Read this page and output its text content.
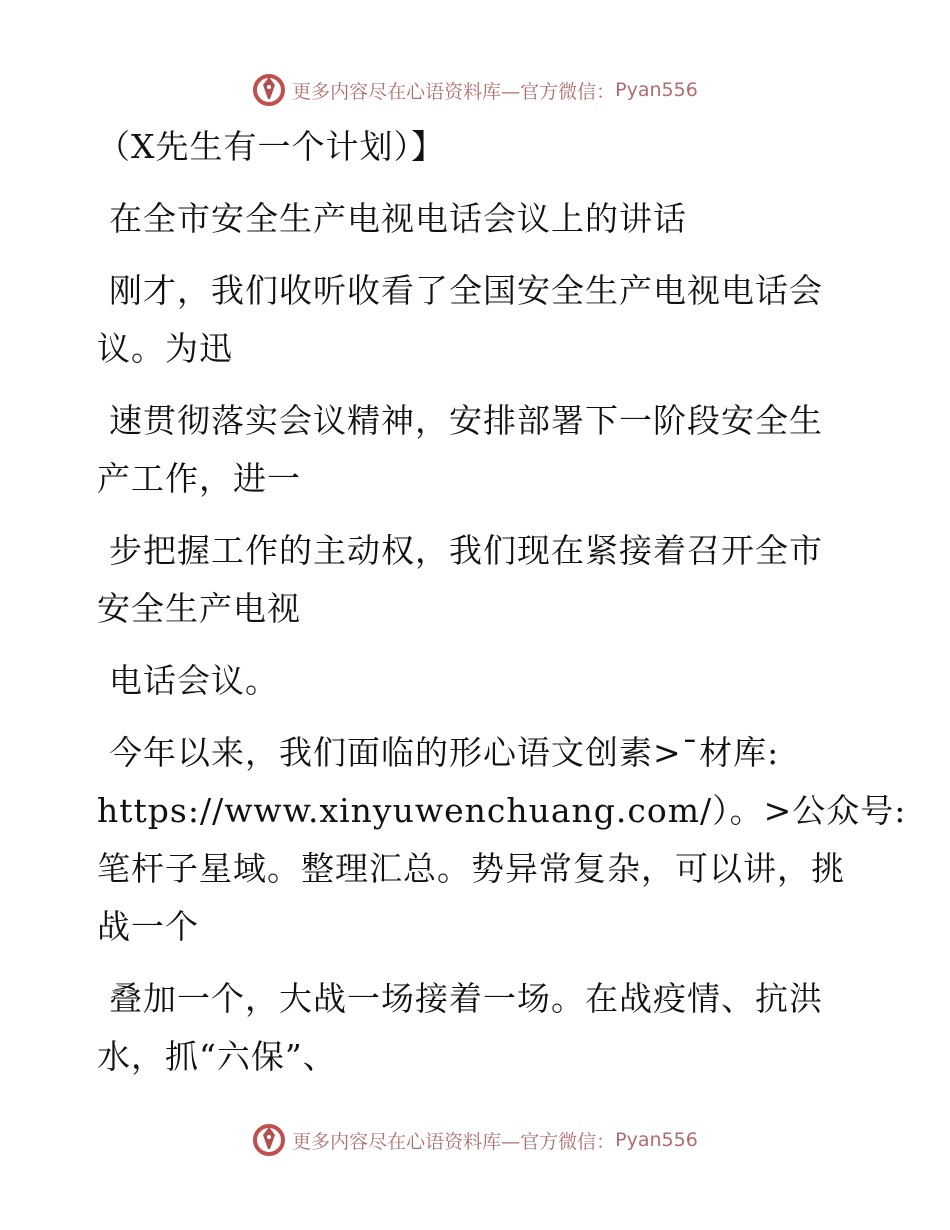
更多内容尽在心语资料库—官方微信： Pyan556

（X先生有一个计划）】

在全市安全生产电视电话会议上的讲话

刚才，我们收听收看了全国安全生产电视电话会
议。为迅

速贯彻落实会议精神，安排部署下一阶段安全生
产工作，进一

步把握工作的主动权，我们现在紧接着召开全市
安全生产电视

电话会议。

今年以来，我们面临的形心语文创素>¯材库:
https://www.xinyuwenchuang.com/）。>公众号:
笔杆子星域。整理汇总。势异常复杂，可以讲，挑
战一个

叠加一个，大战一场接着一场。在战疫情、抗洪
水，抓“六保”、

更多内容尽在心语资料库—官方微信： Pyan556
